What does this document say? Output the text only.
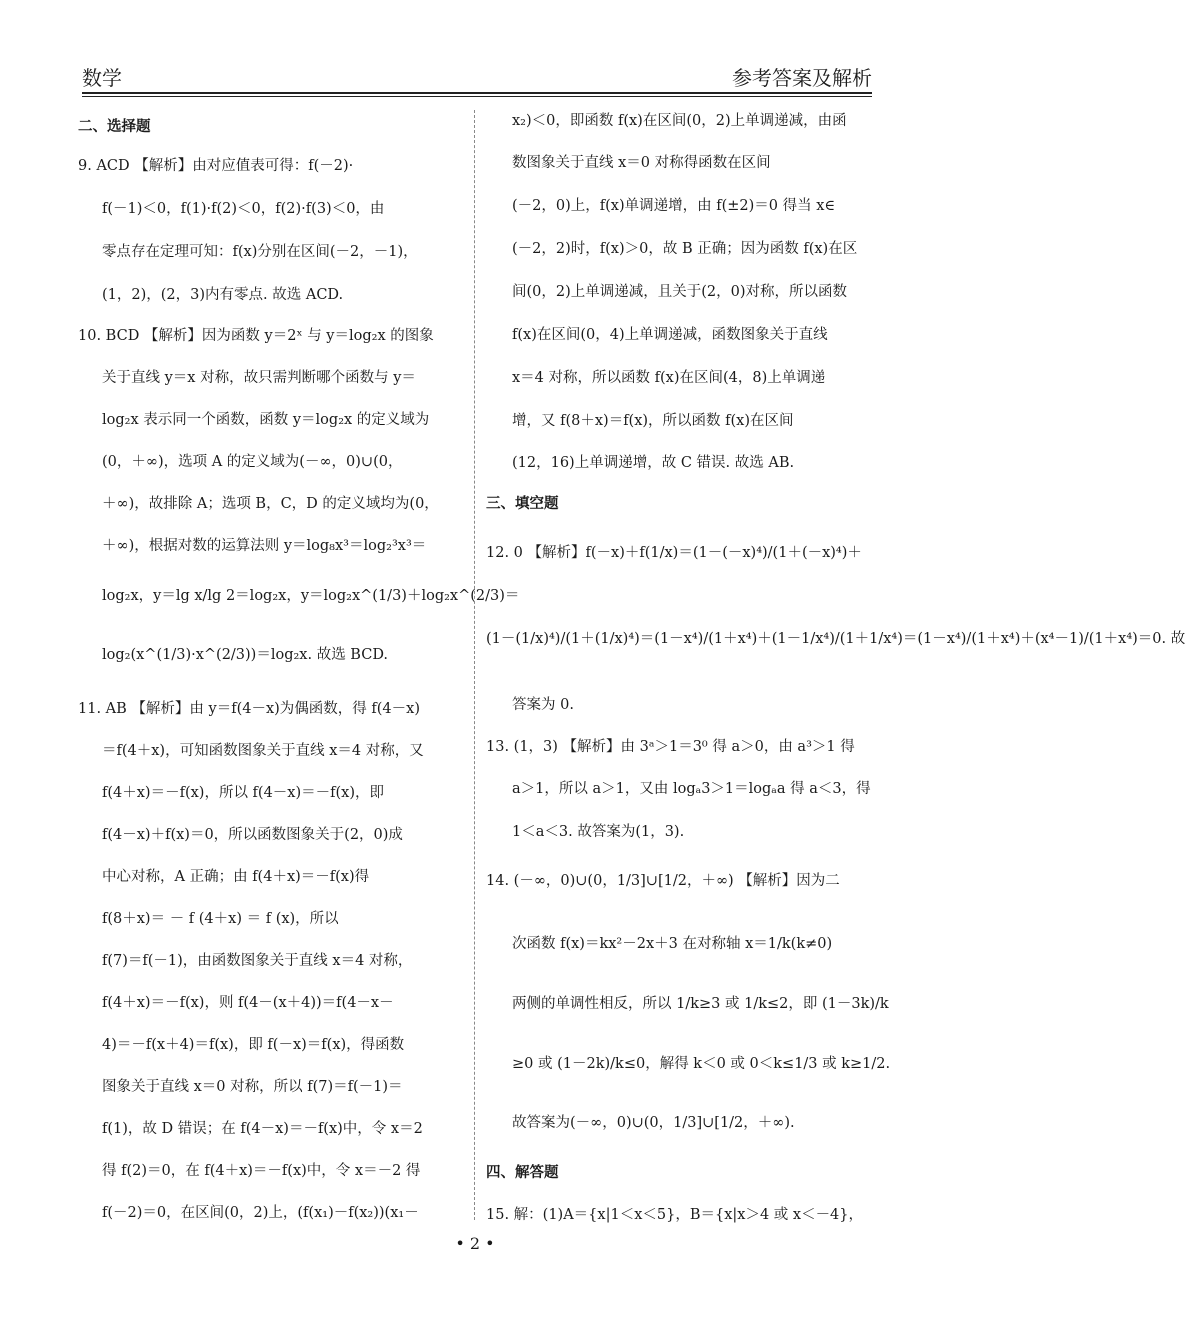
数学	参考答案及解析
二、选择题
9. ACD 【解析】由对应值表可得：f(－2)·
f(－1)＜0，f(1)·f(2)＜0，f(2)·f(3)＜0，由
零点存在定理可知：f(x)分别在区间(－2，－1)，
(1，2)，(2，3)内有零点. 故选 ACD.
10. BCD 【解析】因为函数 y＝2ˣ 与 y＝log₂x 的图象
关于直线 y＝x 对称，故只需判断哪个函数与 y＝
log₂x 表示同一个函数，函数 y＝log₂x 的定义域为
(0，＋∞)，选项 A 的定义域为(－∞，0)∪(0，
＋∞)，故排除 A；选项 B，C，D 的定义域均为(0，
＋∞)，根据对数的运算法则 y＝log₈x³＝log₂³x³＝
log₂x，y＝lg x/lg 2＝log₂x，y＝log₂x^(1/3)＋log₂x^(2/3)＝
log₂(x^(1/3)·x^(2/3))＝log₂x. 故选 BCD.
11. AB 【解析】由 y＝f(4－x)为偶函数，得 f(4－x)
＝f(4＋x)，可知函数图象关于直线 x＝4 对称，又
f(4＋x)＝－f(x)，所以 f(4－x)＝－f(x)，即
f(4－x)＋f(x)＝0，所以函数图象关于(2，0)成
中心对称，A 正确；由 f(4＋x)＝－f(x)得
f(8＋x)＝ － f (4＋x) ＝ f (x)，所以
f(7)＝f(－1)，由函数图象关于直线 x＝4 对称，
f(4＋x)＝－f(x)，则 f(4－(x＋4))＝f(4－x－
4)＝－f(x＋4)＝f(x)，即 f(－x)＝f(x)，得函数
图象关于直线 x＝0 对称，所以 f(7)＝f(－1)＝
f(1)，故 D 错误；在 f(4－x)＝－f(x)中，令 x＝2
得 f(2)＝0，在 f(4＋x)＝－f(x)中，令 x＝－2 得
f(－2)＝0，在区间(0，2)上，(f(x₁)－f(x₂))(x₁－
x₂)＜0，即函数 f(x)在区间(0，2)上单调递减，由函
数图象关于直线 x＝0 对称得函数在区间
(－2，0)上，f(x)单调递增，由 f(±2)＝0 得当 x∈
(－2，2)时，f(x)＞0，故 B 正确；因为函数 f(x)在区
间(0，2)上单调递减，且关于(2，0)对称，所以函数
f(x)在区间(0，4)上单调递减，函数图象关于直线
x＝4 对称，所以函数 f(x)在区间(4，8)上单调递
增，又 f(8＋x)＝f(x)，所以函数 f(x)在区间
(12，16)上单调递增，故 C 错误. 故选 AB.
三、填空题
12. 0 【解析】f(－x)＋f(1/x)＝(1－(－x)⁴)/(1＋(－x)⁴)＋
(1－(1/x)⁴)/(1＋(1/x)⁴)＝(1－x⁴)/(1＋x⁴)＋(1－1/x⁴)/(1＋1/x⁴)＝(1－x⁴)/(1＋x⁴)＋(x⁴－1)/(1＋x⁴)＝0. 故
答案为 0.
13. (1，3) 【解析】由 3ᵃ＞1＝3⁰ 得 a＞0，由 a³＞1 得
a＞1，所以 a＞1，又由 logₐ3＞1＝logₐa 得 a＜3，得
1＜a＜3. 故答案为(1，3).
14. (－∞，0)∪(0，1/3]∪[1/2，＋∞) 【解析】因为二
次函数 f(x)＝kx²－2x＋3 在对称轴 x＝1/k(k≠0)
两侧的单调性相反，所以 1/k≥3 或 1/k≤2，即 (1－3k)/k
≥0 或 (1－2k)/k≤0，解得 k＜0 或 0＜k≤1/3 或 k≥1/2.
故答案为(－∞，0)∪(0，1/3]∪[1/2，＋∞).
四、解答题
15. 解：(1)A＝{x|1＜x＜5}，B＝{x|x＞4 或 x＜－4}，
• 2 •
